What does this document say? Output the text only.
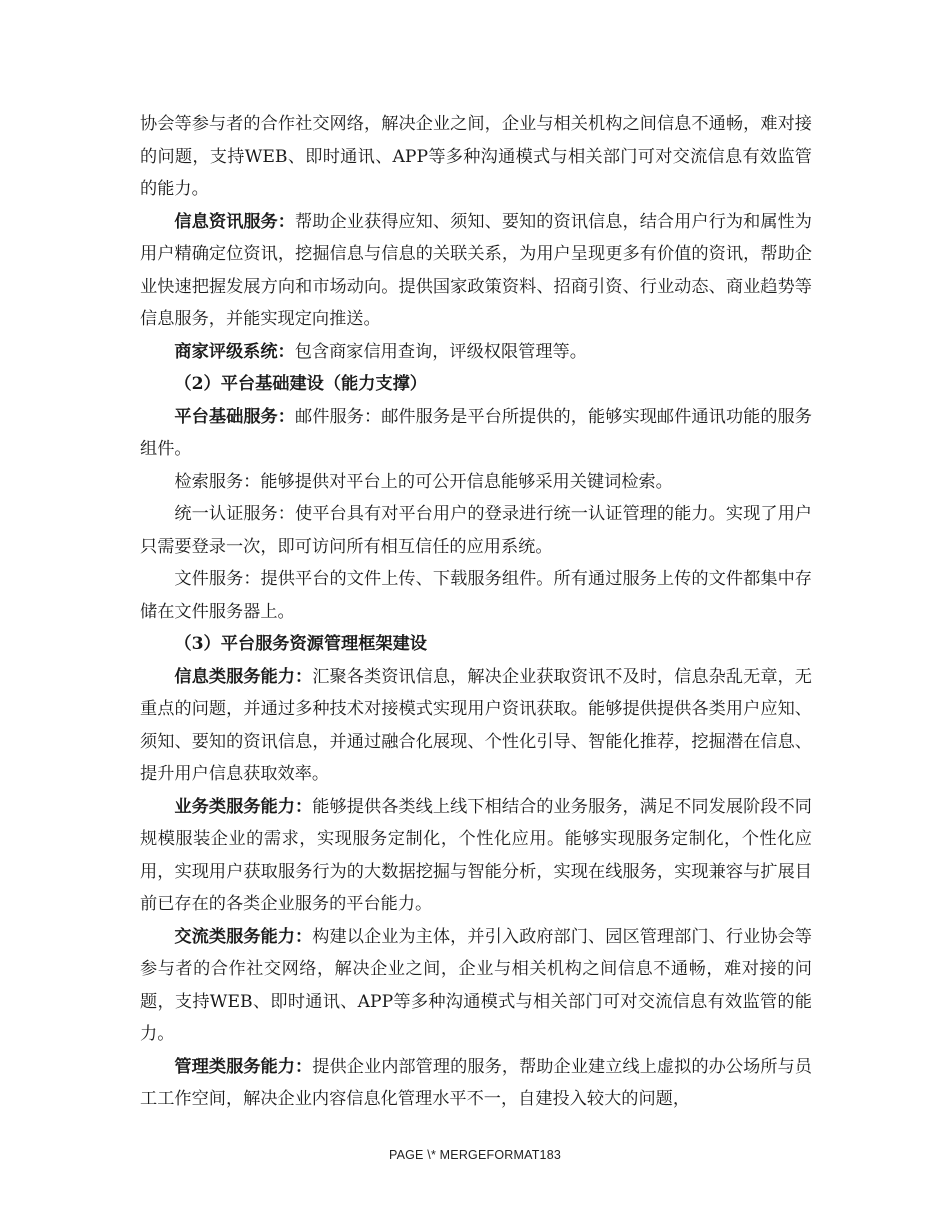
协会等参与者的合作社交网络，解决企业之间，企业与相关机构之间信息不通畅，难对接的问题，支持WEB、即时通讯、APP等多种沟通模式与相关部门可对交流信息有效监管的能力。

信息资讯服务：帮助企业获得应知、须知、要知的资讯信息，结合用户行为和属性为用户精确定位资讯，挖掘信息与信息的关联关系，为用户呈现更多有价值的资讯，帮助企业快速把握发展方向和市场动向。提供国家政策资料、招商引资、行业动态、商业趋势等信息服务，并能实现定向推送。

商家评级系统：包含商家信用查询，评级权限管理等。

（2）平台基础建设（能力支撑）

平台基础服务：邮件服务：邮件服务是平台所提供的，能够实现邮件通讯功能的服务组件。

检索服务：能够提供对平台上的可公开信息能够采用关键词检索。

统一认证服务：使平台具有对平台用户的登录进行统一认证管理的能力。实现了用户只需要登录一次，即可访问所有相互信任的应用系统。

文件服务：提供平台的文件上传、下载服务组件。所有通过服务上传的文件都集中存储在文件服务器上。

（3）平台服务资源管理框架建设

信息类服务能力：汇聚各类资讯信息，解决企业获取资讯不及时，信息杂乱无章，无重点的问题，并通过多种技术对接模式实现用户资讯获取。能够提供提供各类用户应知、须知、要知的资讯信息，并通过融合化展现、个性化引导、智能化推荐，挖掘潜在信息、提升用户信息获取效率。

业务类服务能力：能够提供各类线上线下相结合的业务服务，满足不同发展阶段不同规模服装企业的需求，实现服务定制化，个性化应用。能够实现服务定制化，个性化应用，实现用户获取服务行为的大数据挖掘与智能分析，实现在线服务，实现兼容与扩展目前已存在的各类企业服务的平台能力。

交流类服务能力：构建以企业为主体，并引入政府部门、园区管理部门、行业协会等参与者的合作社交网络，解决企业之间，企业与相关机构之间信息不通畅，难对接的问题，支持WEB、即时通讯、APP等多种沟通模式与相关部门可对交流信息有效监管的能力。

管理类服务能力：提供企业内部管理的服务，帮助企业建立线上虚拟的办公场所与员工工作空间，解决企业内容信息化管理水平不一，自建投入较大的问题，

PAGE \* MERGEFORMAT183
